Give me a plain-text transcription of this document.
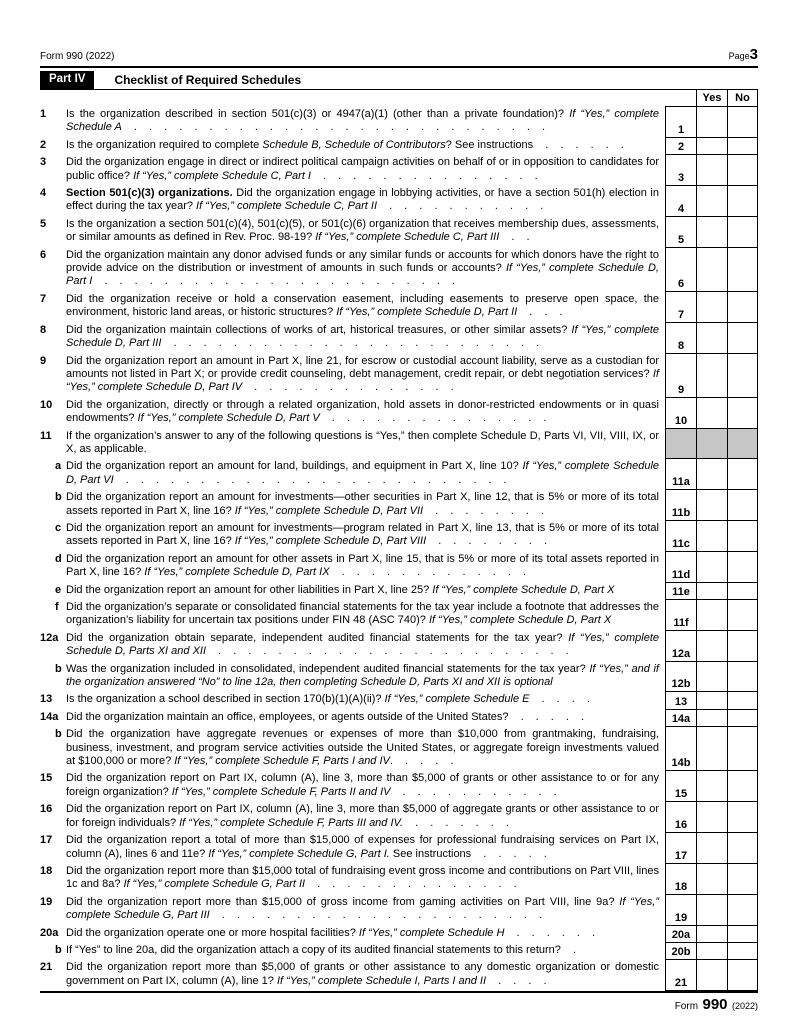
Form 990 (2022)	Page3
Part IV	Checklist of Required Schedules
Yes	No
1	Is the organization described in section 501(c)(3) or 4947(a)(1) (other than a private foundation)? If “Yes,” complete Schedule A . . . . . . . . . . . . . . . . . . . . . . . . . . . .	1
2	Is the organization required to complete Schedule B, Schedule of Contributors? See instructions . . . . . .	2
3	Did the organization engage in direct or indirect political campaign activities on behalf of or in opposition to candidates for public office? If “Yes,” complete Schedule C, Part I . . . . . . . . . . . . . . .	3
4	Section 501(c)(3) organizations. Did the organization engage in lobbying activities, or have a section 501(h) election in effect during the tax year? If “Yes,” complete Schedule C, Part II . . . . . . . . . . .	4
5	Is the organization a section 501(c)(4), 501(c)(5), or 501(c)(6) organization that receives membership dues, assessments, or similar amounts as defined in Rev. Proc. 98-19? If “Yes,” complete Schedule C, Part III . .	5
6	Did the organization maintain any donor advised funds or any similar funds or accounts for which donors have the right to provide advice on the distribution or investment of amounts in such funds or accounts? If “Yes,” complete Schedule D, Part I . . . . . . . . . . . . . . . . . . . . . . . .	6
7	Did the organization receive or hold a conservation easement, including easements to preserve open space, the environment, historic land areas, or historic structures? If “Yes,” complete Schedule D, Part II . . .	7
8	Did the organization maintain collections of works of art, historical treasures, or other similar assets? If “Yes,” complete Schedule D, Part III . . . . . . . . . . . . . . . . . . . . . . . . .	8
9	Did the organization report an amount in Part X, line 21, for escrow or custodial account liability, serve as a custodian for amounts not listed in Part X; or provide credit counseling, debt management, credit repair, or debt negotiation services? If “Yes,” complete Schedule D, Part IV . . . . . . . . . . . . . .	9
10	Did the organization, directly or through a related organization, hold assets in donor-restricted endowments or in quasi endowments? If “Yes,” complete Schedule D, Part V . . . . . . . . . . . . . . .	10
11	If the organization’s answer to any of the following questions is “Yes,” then complete Schedule D, Parts VI, VII, VIII, IX, or X, as applicable.
a Did the organization report an amount for land, buildings, and equipment in Part X, line 10? If “Yes,” complete Schedule D, Part VI . . . . . . . . . . . . . . . . . . . . . . . . . .	11a
b Did the organization report an amount for investments—other securities in Part X, line 12, that is 5% or more of its total assets reported in Part X, line 16? If “Yes,” complete Schedule D, Part VII . . . . . . . .	11b
c Did the organization report an amount for investments—program related in Part X, line 13, that is 5% or more of its total assets reported in Part X, line 16? If “Yes,” complete Schedule D, Part VIII . . . . . . . .	11c
d Did the organization report an amount for other assets in Part X, line 15, that is 5% or more of its total assets reported in Part X, line 16? If “Yes,” complete Schedule D, Part IX . . . . . . . . . . . . .	11d
e Did the organization report an amount for other liabilities in Part X, line 25? If “Yes,” complete Schedule D, Part X	11e
f Did the organization’s separate or consolidated financial statements for the tax year include a footnote that addresses the organization’s liability for uncertain tax positions under FIN 48 (ASC 740)? If “Yes,” complete Schedule D, Part X	11f
12a Did the organization obtain separate, independent audited financial statements for the tax year? If “Yes,” complete Schedule D, Parts XI and XII . . . . . . . . . . . . . . . . . . . . . . . .	12a
b Was the organization included in consolidated, independent audited financial statements for the tax year? If “Yes,” and if the organization answered “No” to line 12a, then completing Schedule D, Parts XI and XII is optional	12b
13	Is the organization a school described in section 170(b)(1)(A)(ii)? If “Yes,” complete Schedule E . . . .	13
14a Did the organization maintain an office, employees, or agents outside of the United States? . . . . .	14a
b Did the organization have aggregate revenues or expenses of more than $10,000 from grantmaking, fundraising, business, investment, and program service activities outside the United States, or aggregate foreign investments valued at $100,000 or more? If “Yes,” complete Schedule F, Parts I and IV. . . . .	14b
15	Did the organization report on Part IX, column (A), line 3, more than $5,000 of grants or other assistance to or for any foreign organization? If “Yes,” complete Schedule F, Parts II and IV . . . . . . . . . . .	15
16	Did the organization report on Part IX, column (A), line 3, more than $5,000 of aggregate grants or other assistance to or for foreign individuals? If “Yes,” complete Schedule F, Parts III and IV. . . . . . . .	16
17	Did the organization report a total of more than $15,000 of expenses for professional fundraising services on Part IX, column (A), lines 6 and 11e? If “Yes,” complete Schedule G, Part I. See instructions . . . . .	17
18	Did the organization report more than $15,000 total of fundraising event gross income and contributions on Part VIII, lines 1c and 8a? If “Yes,” complete Schedule G, Part II . . . . . . . . . . . . . .	18
19	Did the organization report more than $15,000 of gross income from gaming activities on Part VIII, line 9a? If “Yes,” complete Schedule G, Part III . . . . . . . . . . . . . . . . . . . . . .	19
20a Did the organization operate one or more hospital facilities? If “Yes,” complete Schedule H . . . . . .	20a
b If “Yes” to line 20a, did the organization attach a copy of its audited financial statements to this return? .	20b
21	Did the organization report more than $5,000 of grants or other assistance to any domestic organization or domestic government on Part IX, column (A), line 1? If “Yes,” complete Schedule I, Parts I and II . . . .	21
Form 990 (2022)
